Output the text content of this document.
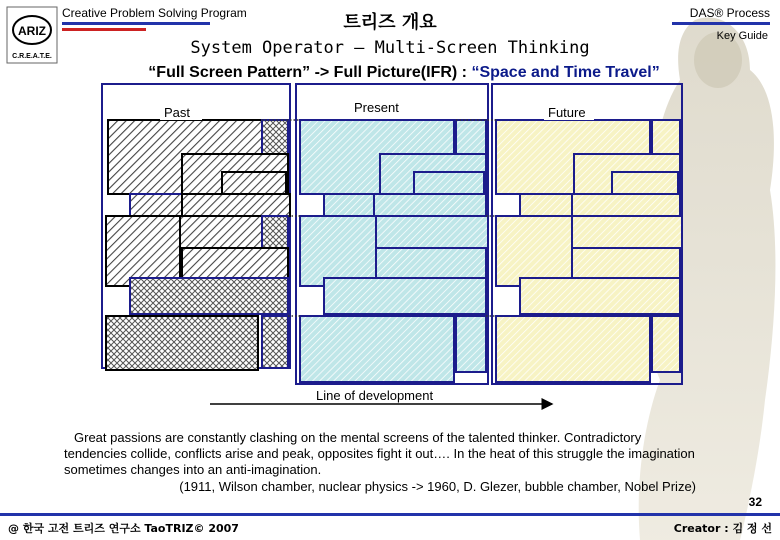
ARIZ
C.R.E.A.T.E.
Creative Problem Solving Program	DAS® Process
Key Guide
트리즈 개요
System Operator – Multi-Screen Thinking
“Full Screen Pattern” -> Full Picture(IFR) : “Space and Time Travel”
Past	Present	Future
Line of development
Great passions are constantly clashing on the mental screens of the talented thinker. Contradictory tendencies collide, conflicts arise and peak, opposites fight it out…. In the heat of this struggle the imagination sometimes changes into an anti-imagination.
(1911, Wilson chamber, nuclear physics -> 1960, D. Glezer, bubble chamber, Nobel Prize)
32
@ 한국 고전 트리즈 연구소 TaoTRIZ© 2007	Creator : 김 정 선
